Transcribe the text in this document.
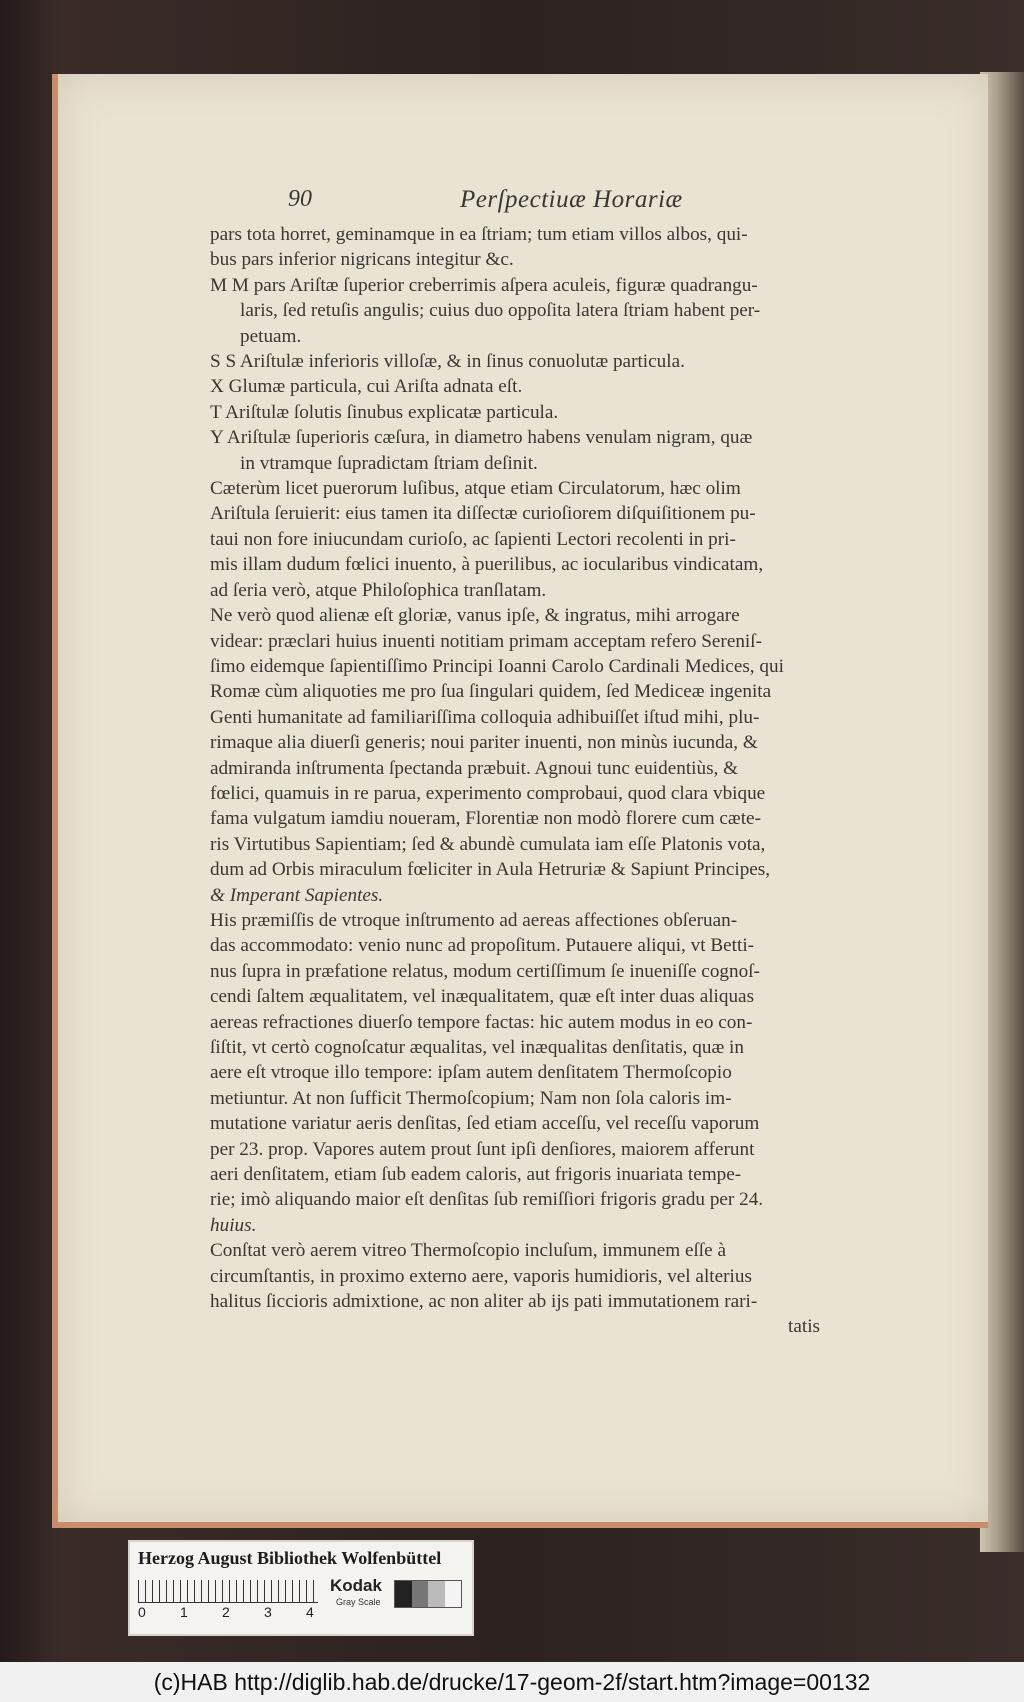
90	Perſpectiuæ Horariæ

pars tota horret, geminamque in ea ſtriam; tum etiam villos albos, qui-
bus pars inferior nigricans integitur &c.

M M pars Ariſtæ ſuperior creberrimis aſpera aculeis, figuræ quadrangu-
laris, ſed retuſis angulis; cuius duo oppoſita latera ſtriam habent per-
petuam.

S S Ariſtulæ inferioris villoſæ, & in ſinus conuolutæ particula.

X Glumæ particula, cui Ariſta adnata eſt.

T Ariſtulæ ſolutis ſinubus explicatæ particula.

Y Ariſtulæ ſuperioris cæſura, in diametro habens venulam nigram, quæ
in vtramque ſupradictam ſtriam deſinit.

Cæterùm licet puerorum luſibus, atque etiam Circulatorum, hæc olim
Ariſtula ſeruierit: eius tamen ita diſſectæ curioſiorem diſquiſitionem pu-
taui non fore iniucundam curioſo, ac ſapienti Lectori recolenti in pri-
mis illam dudum fœlici inuento, à puerilibus, ac iocularibus vindicatam,
ad ſeria verò, atque Philoſophica tranſlatam.

Ne verò quod alienæ eſt gloriæ, vanus ipſe, & ingratus, mihi arrogare
videar: præclari huius inuenti notitiam primam acceptam refero Sereniſ-
ſimo eidemque ſapientiſſimo Principi Ioanni Carolo Cardinali Medices, qui
Romæ cùm aliquoties me pro ſua ſingulari quidem, ſed Mediceæ ingenita
Genti humanitate ad familiariſſima colloquia adhibuiſſet iſtud mihi, plu-
rimaque alia diuerſi generis; noui pariter inuenti, non minùs iucunda, &
admiranda inſtrumenta ſpectanda præbuit. Agnoui tunc euidentiùs, &
fœlici, quamuis in re parua, experimento comprobaui, quod clara vbique
fama vulgatum iamdiu noueram, Florentiæ non modò florere cum cæte-
ris Virtutibus Sapientiam; ſed & abundè cumulata iam eſſe Platonis vota,
dum ad Orbis miraculum fœliciter in Aula Hetruriæ & Sapiunt Principes,
& Imperant Sapientes.

His præmiſſis de vtroque inſtrumento ad aereas affectiones obſeruan-
das accommodato: venio nunc ad propoſitum. Putauere aliqui, vt Betti-
nus ſupra in præfatione relatus, modum certiſſimum ſe inueniſſe cognoſ-
cendi ſaltem æqualitatem, vel inæqualitatem, quæ eſt inter duas aliquas
aereas refractiones diuerſo tempore factas: hic autem modus in eo con-
ſiſtit, vt certò cognoſcatur æqualitas, vel inæqualitas denſitatis, quæ in
aere eſt vtroque illo tempore: ipſam autem denſitatem Thermoſcopio
metiuntur. At non ſufficit Thermoſcopium; Nam non ſola caloris im-
mutatione variatur aeris denſitas, ſed etiam acceſſu, vel receſſu vaporum
per 23. prop. Vapores autem prout ſunt ipſi denſiores, maiorem afferunt
aeri denſitatem, etiam ſub eadem caloris, aut frigoris inuariata tempe-
rie; imò aliquando maior eſt denſitas ſub remiſſiori frigoris gradu per 24.
huius.

Conſtat verò aerem vitreo Thermoſcopio incluſum, immunem eſſe à
circumſtantis, in proximo externo aere, vaporis humidioris, vel alterius
halitus ſiccioris admixtione, ac non aliter ab ijs pati immutationem rari-
tatis

Herzog August Bibliothek Wolfenbüttel
0 1 2 3 4
Kodak
Gray Scale
(c)HAB http://diglib.hab.de/drucke/17-geom-2f/start.htm?image=00132
